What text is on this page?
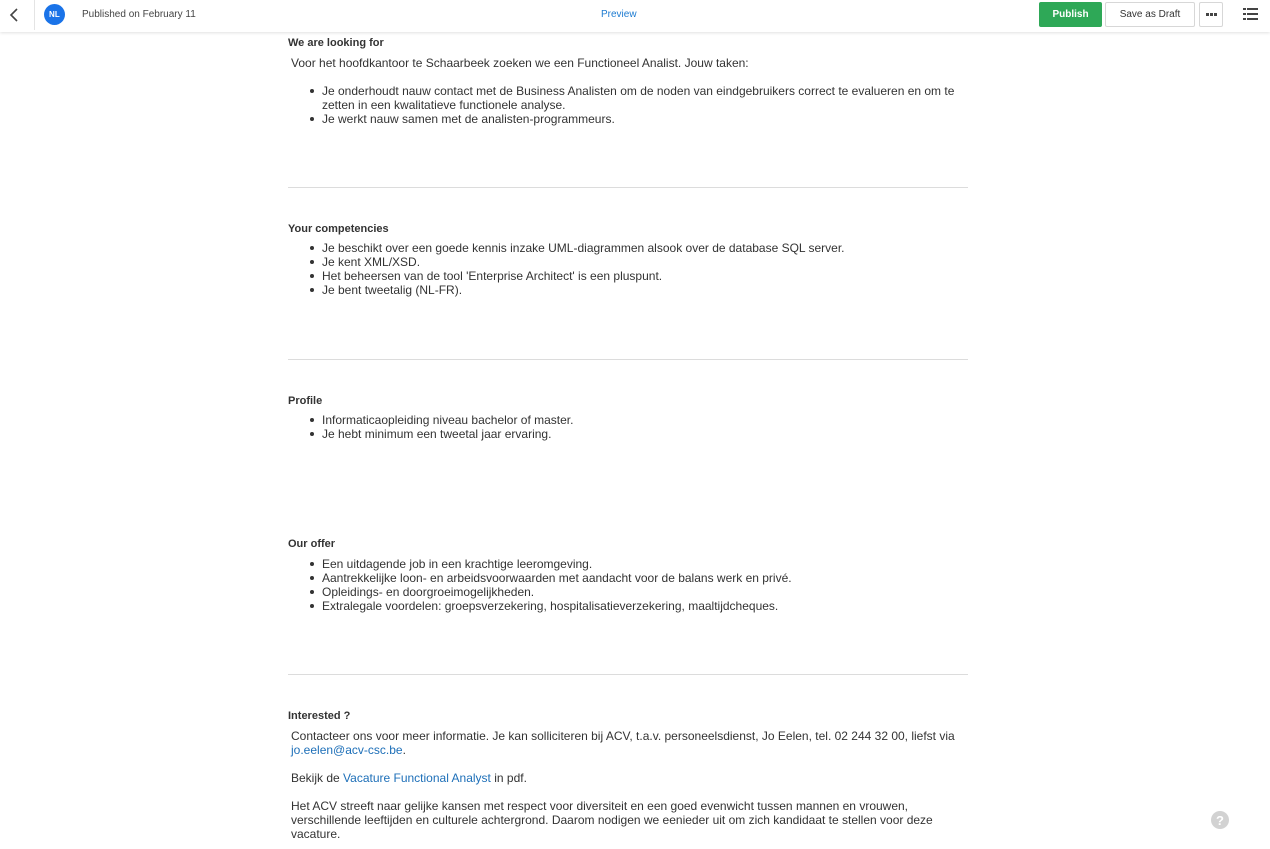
NL	Published on February 11	Preview	Publish	Save as Draft
We are looking for
Voor het hoofdkantoor te Schaarbeek zoeken we een Functioneel Analist. Jouw taken:
Je onderhoudt nauw contact met de Business Analisten om de noden van eindgebruikers correct te evalueren en om te zetten in een kwalitatieve functionele analyse.
Je werkt nauw samen met de analisten-programmeurs.
Your competencies
Je beschikt over een goede kennis inzake UML-diagrammen alsook over de database SQL server.
Je kent XML/XSD.
Het beheersen van de tool 'Enterprise Architect' is een pluspunt.
Je bent tweetalig (NL-FR).
Profile
Informaticaopleiding niveau bachelor of master.
Je hebt minimum een tweetal jaar ervaring.
Our offer
Een uitdagende job in een krachtige leeromgeving.
Aantrekkelijke loon- en arbeidsvoorwaarden met aandacht voor de balans werk en privé.
Opleidings- en doorgroeimogelijkheden.
Extralegale voordelen: groepsverzekering, hospitalisatieverzekering, maaltijdcheques.
Interested ?
Contacteer ons voor meer informatie. Je kan solliciteren bij ACV, t.a.v. personeelsdienst, Jo Eelen, tel. 02 244 32 00, liefst via jo.eelen@acv-csc.be.
Bekijk de Vacature Functional Analyst in pdf.
Het ACV streeft naar gelijke kansen met respect voor diversiteit en een goed evenwicht tussen mannen en vrouwen, verschillende leeftijden en culturele achtergrond. Daarom nodigen we eenieder uit om zich kandidaat te stellen voor deze vacature.
?
